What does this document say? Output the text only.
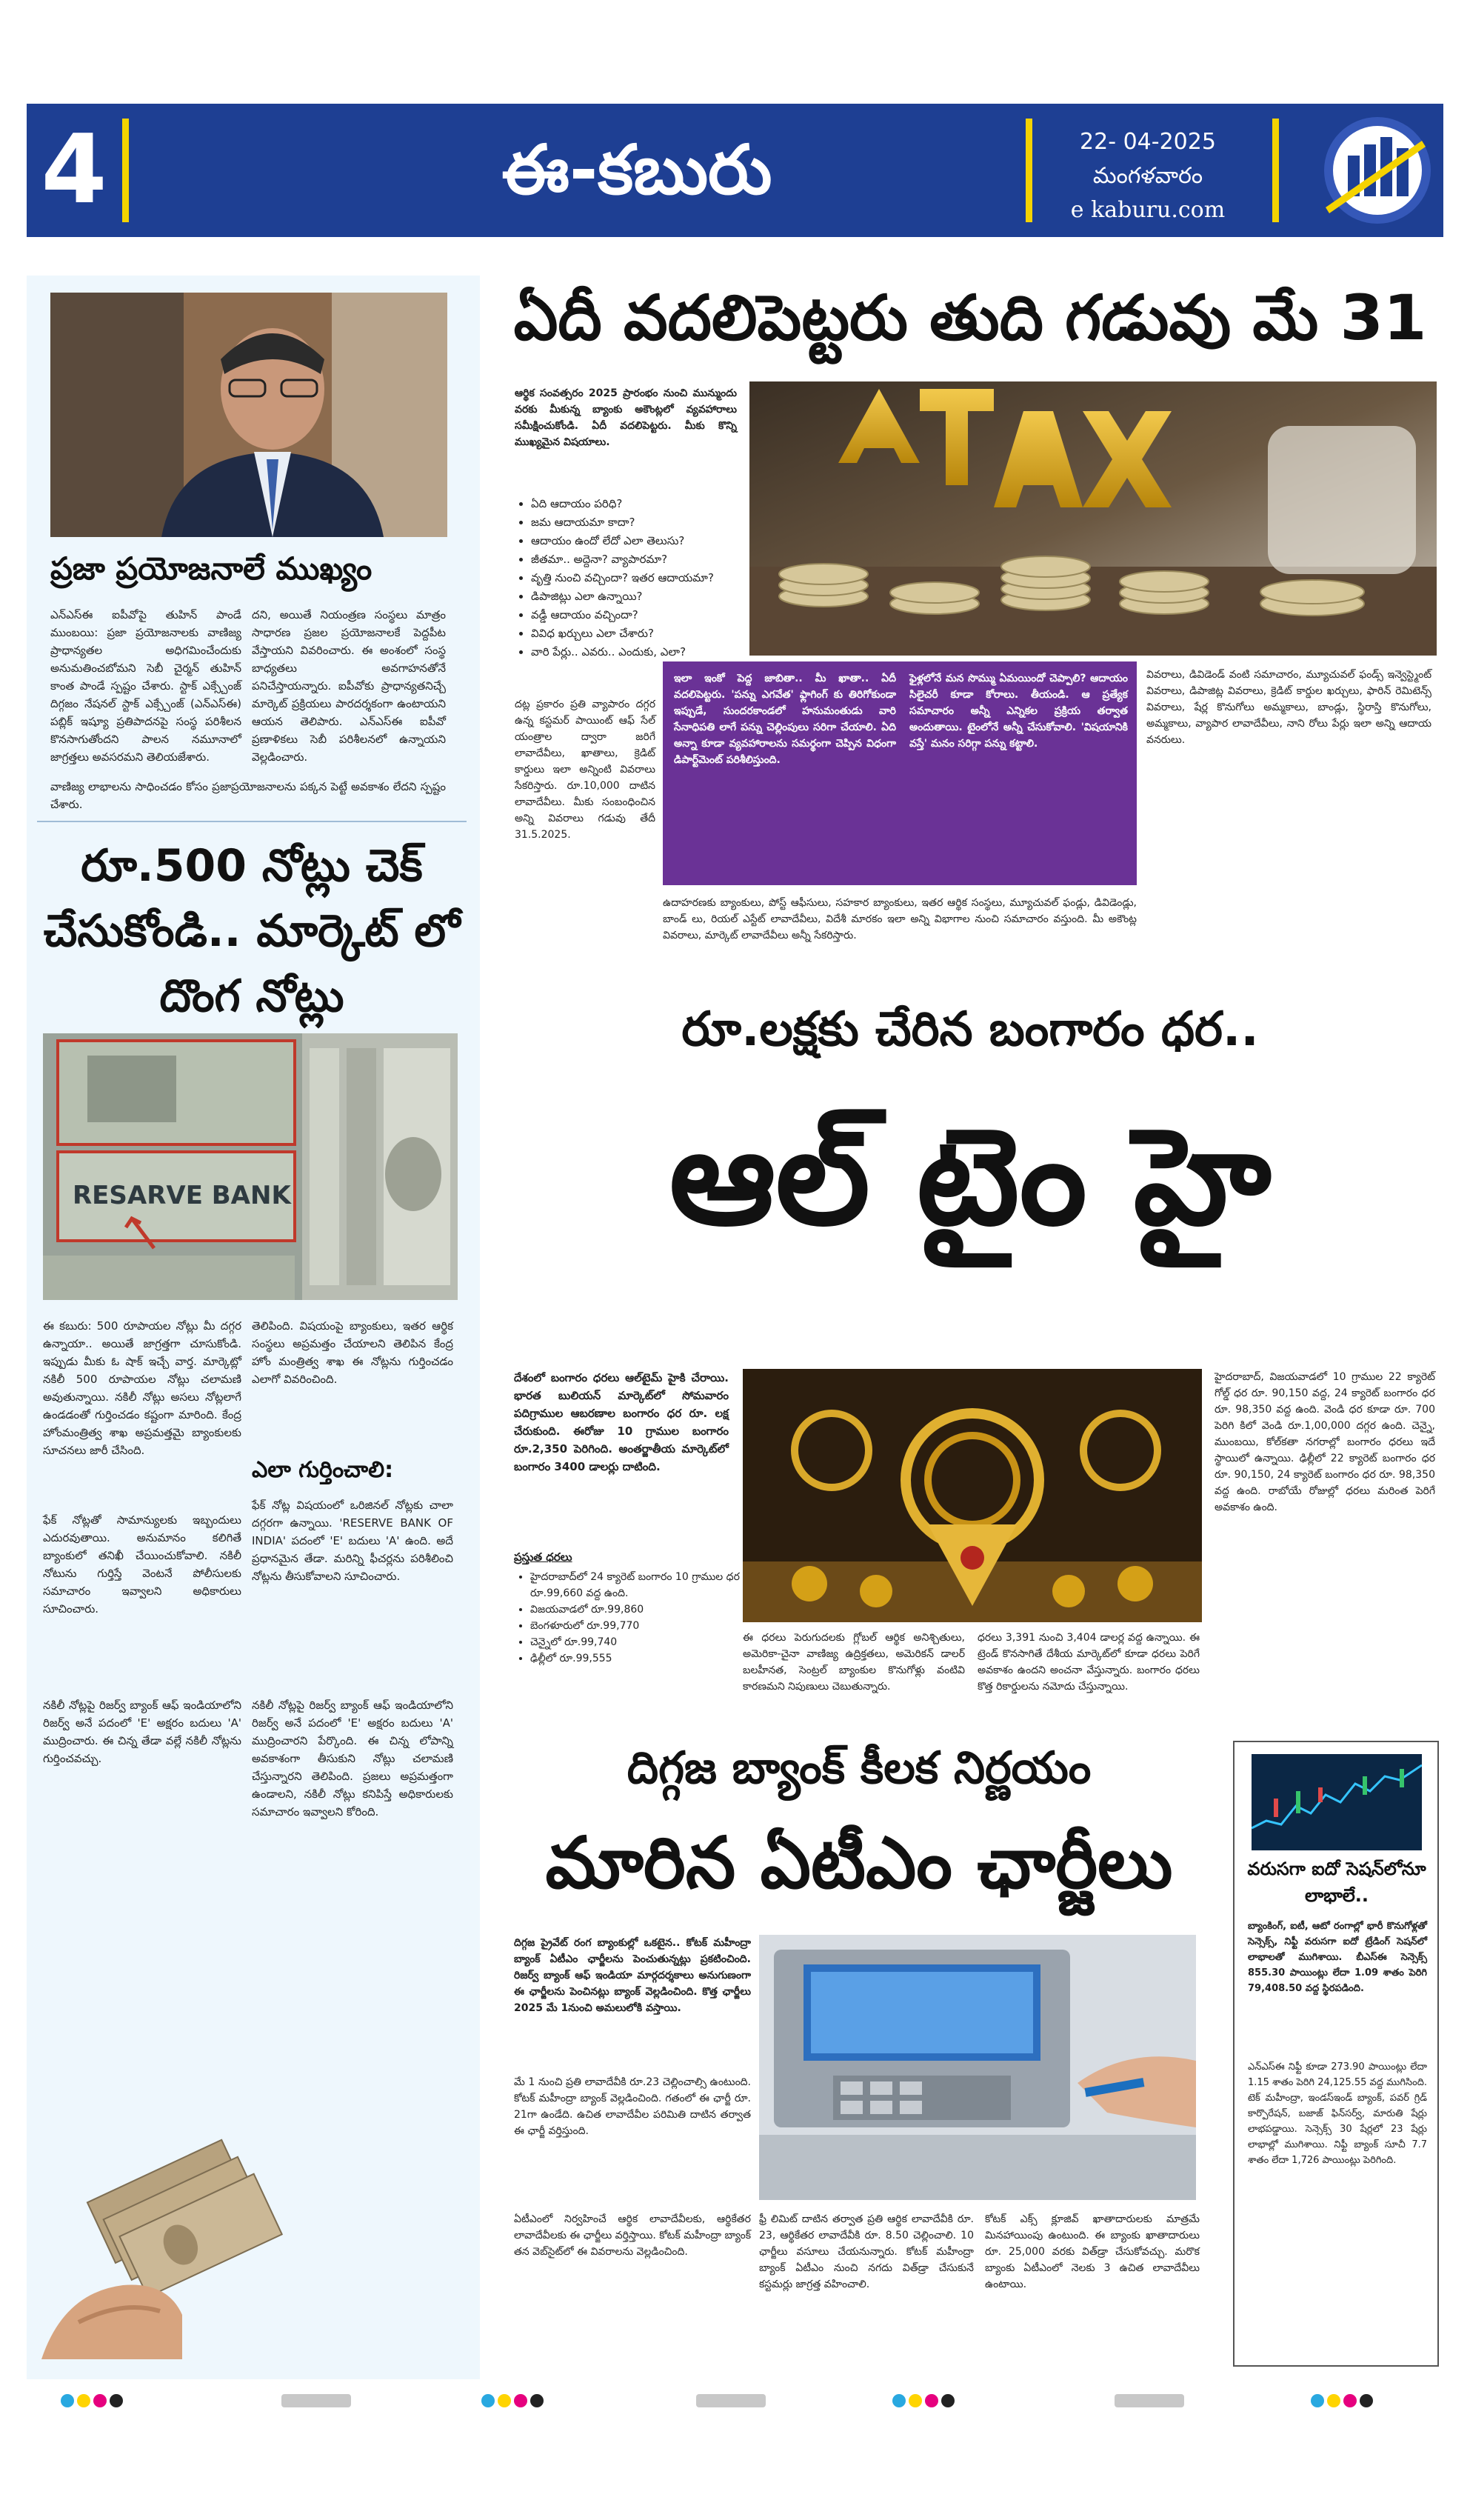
4	ఈ-కబురు	22- 04-2025
మంగళవారం
e kaburu.com
ప్రజా ప్రయోజనాలే ముఖ్యం
ఎన్ఎస్ఈ ఐపీవోపై తుహిన్ పాండే ముంబయి: ప్రజా ప్రయోజనాలకు వాణిజ్య ప్రాధాన్యతల అధిగమించేందుకు అనుమతించబోమని సెబీ చైర్మన్ తుహిన్ కాంత పాండే స్పష్టం చేశారు. స్టాక్ ఎక్స్చేంజ్ దిగ్గజం నేషనల్ స్టాక్ ఎక్స్చేంజ్ (ఎన్ఎస్ఈ) పబ్లిక్ ఇష్యూ ప్రతిపాదనపై సంస్థ పరిశీలన కొనసాగుతోందని పాలన నమూనాలో జాగ్రత్తలు అవసరమని తెలియజేశారు.
దని, అయితే నియంత్రణ సంస్థలు మాత్రం సాధారణ ప్రజల ప్రయోజనాలకే పెద్దపీట వేస్తాయని వివరించారు. ఈ అంశంలో సంస్థ బాధ్యతలు అవగాహనతోనే పనిచేస్తాయన్నారు. ఐపీవోకు ప్రాధాన్యతనిచ్చే మార్కెట్ ప్రక్రియలు పారదర్శకంగా ఉంటాయని ఆయన తెలిపారు. ఎన్ఎస్ఈ ఐపీవో ప్రణాళికలు సెబీ పరిశీలనలో ఉన్నాయని వెల్లడించారు.
వాణిజ్య లాభాలను సాధించడం కోసం ప్రజాప్రయోజనాలను పక్కన పెట్టే అవకాశం లేదని స్పష్టం చేశారు.
రూ.500 నోట్లు చెక్ చేసుకోండి.. మార్కెట్ లో దొంగ నోట్లు
RESARVE BANK
ఈ కబురు: 500 రూపాయల నోట్లు మీ దగ్గర ఉన్నాయా.. అయితే జాగ్రత్తగా చూసుకోండి. ఇప్పుడు మీకు ఓ షాక్ ఇచ్చే వార్త. మార్కెట్లో నకిలీ 500 రూపాయల నోట్లు చలామణి అవుతున్నాయి. నకిలీ నోట్లు అసలు నోట్లలాగే ఉండడంతో గుర్తించడం కష్టంగా మారింది. కేంద్ర హోంమంత్రిత్వ శాఖ అప్రమత్తమై బ్యాంకులకు సూచనలు జారీ చేసింది.
తెలిపింది. విషయంపై బ్యాంకులు, ఇతర ఆర్థిక సంస్థలు అప్రమత్తం చేయాలని తెలిపిన కేంద్ర హోం మంత్రిత్వ శాఖ ఈ నోట్లను గుర్తించడం ఎలాగో వివరించింది.
ఎలా గుర్తించాలి:
ఫేక్ నోట్ల విషయంలో ఒరిజినల్ నోట్లకు చాలా దగ్గరగా ఉన్నాయి. 'RESERVE BANK OF INDIA' పదంలో 'E' బదులు 'A' ఉంది. అదే ప్రధానమైన తేడా. మరిన్ని ఫీచర్లను పరిశీలించి నోట్లను తీసుకోవాలని సూచించారు.
ఫేక్ నోట్లతో సామాన్యులకు ఇబ్బందులు ఎదురవుతాయి. అనుమానం కలిగితే బ్యాంకులో తనిఖీ చేయించుకోవాలి. నకిలీ నోటును గుర్తిస్తే వెంటనే పోలీసులకు సమాచారం ఇవ్వాలని అధికారులు సూచించారు.
నకిలీ నోట్లపై రిజర్వ్ బ్యాంక్ ఆఫ్ ఇండియాలోని రిజర్వ్ అనే పదంలో 'E' అక్షరం బదులు 'A' ముద్రించారు. ఈ చిన్న తేడా వల్లే నకిలీ నోట్లను గుర్తించవచ్చు.
నకిలీ నోట్లపై రిజర్వ్ బ్యాంక్ ఆఫ్ ఇండియాలోని రిజర్వ్ అనే పదంలో 'E' అక్షరం బదులు 'A' ముద్రించారని పేర్కొంది. ఈ చిన్న లోపాన్ని అవకాశంగా తీసుకుని నోట్లు చలామణి చేస్తున్నారని తెలిపింది. ప్రజలు అప్రమత్తంగా ఉండాలని, నకిలీ నోట్లు కనిపిస్తే అధికారులకు సమాచారం ఇవ్వాలని కోరింది.
ఏదీ వదలిపెట్టరు తుది గడువు మే 31
ఆర్థిక సంవత్సరం 2025 ప్రారంభం నుంచి మున్ముందు వరకు మీకున్న బ్యాంకు అకౌంట్లలో వ్యవహారాలు సమీక్షించుకోండి. ఏదీ వదలిపెట్టరు. మీకు కొన్ని ముఖ్యమైన విషయాలు.
• ఏది ఆదాయం పరిధి?
• జమ ఆదాయమా కాదా?
• ఆదాయం ఉందో లేదో ఎలా తెలుసు?
• జీతమా.. అద్దెనా? వ్యాపారమా?
• వృత్తి నుంచి వచ్చిందా? ఇతర ఆదాయమా?
• డిపాజిట్లు ఎలా ఉన్నాయి?
• వడ్డీ ఆదాయం వచ్చిందా?
• వివిధ ఖర్చులు ఎలా చేశారు?
• వారి పేర్లు.. ఎవరు.. ఎందుకు, ఎలా?
ఇలా ఇంకో పెద్ద జాబితా.. మీ ఖాతా.. ఏదీ వదలిపెట్టరు. 'పన్ను ఎగవేత' ఫ్లాగింగ్ కు తిరిగోకుండా ఇప్పుడే, సుందరకాండలో హనుమంతుడు వారి సేనాధిపతి లాగే పన్ను చెల్లింపులు సరిగా చేయాలి. ఏది అన్నా కూడా వ్యవహారాలను సమర్థంగా చెప్పిన విధంగా డిపార్ట్‌మెంట్ పరిశీలిస్తుంది.
ఫైళ్లలోనే మన సొమ్ము ఏమయిందో చెప్పాలి? ఆదాయం సిలైచరీ కూడా కోరాలు. తీయండి. ఆ ప్రత్యేక సమాచారం అన్నీ ఎన్నికల ప్రక్రియ తర్వాత అందుతాయి. టైంలోనే అన్నీ చేసుకోవాలి. 'విషయానికి వస్తే' మనం సరిగ్గా పన్ను కట్టాలి.
దట్ల ప్రకారం ప్రతి వ్యాపారం దగ్గర ఉన్న కస్టమర్ పాయింట్ ఆఫ్ సేల్ యంత్రాల ద్వారా జరిగే లావాదేవీలు, ఖాతాలు, క్రెడిట్ కార్డులు ఇలా అన్నింటి వివరాలు సేకరిస్తారు. రూ.10,000 దాటిన లావాదేవీలు. మీకు సంబంధించిన అన్ని వివరాలు గడువు తేదీ 31.5.2025.
ఉదాహరణకు బ్యాంకులు, పోస్ట్ ఆఫీసులు, సహకార బ్యాంకులు, ఇతర ఆర్థిక సంస్థలు, మ్యూచువల్ ఫండ్లు, డివిడెండ్లు, బాండ్ లు, రియల్ ఎస్టేట్ లావాదేవీలు, విదేశీ మారకం ఇలా అన్ని విభాగాల నుంచి సమాచారం వస్తుంది. మీ అకౌంట్ల వివరాలు, మార్కెట్ లావాదేవీలు అన్నీ సేకరిస్తారు.
వివరాలు, డివిడెండ్ వంటి సమాచారం, మ్యూచువల్ ఫండ్స్ ఇన్వెస్ట్మెంట్ వివరాలు, డిపాజిట్ల వివరాలు, క్రెడిట్ కార్డుల ఖర్చులు, ఫారిన్ రెమిటెన్స్ వివరాలు, షేర్ల కొనుగోలు అమ్మకాలు, బాండ్లు, స్థిరాస్తి కొనుగోలు, అమ్మకాలు, వ్యాపార లావాదేవీలు, నాని రోలు పేర్లు ఇలా అన్ని ఆదాయ వనరులు.
రూ.లక్షకు చేరిన బంగారం ధర..
ఆల్ టైం హై
దేశంలో బంగారం ధరలు ఆల్‌టైమ్ హైకి చేరాయి. భారత బులియన్ మార్కెట్‌లో సోమవారం పదిగ్రాముల ఆబరణాల బంగారం ధర రూ. లక్ష చేరుకుంది. ఈరోజు 10 గ్రాముల బంగారం రూ.2,350 పెరిగింది. అంతర్జాతీయ మార్కెట్‌లో బంగారం 3400 డాలర్లు దాటింది.
ప్రస్తుత ధరలు
• హైదరాబాద్‌లో 24 క్యారెట్ బంగారం 10 గ్రాముల ధర రూ.99,660 వద్ద ఉంది.
• విజయవాడలో రూ.99,860
• బెంగళూరులో రూ.99,770
• చెన్నైలో రూ.99,740
• ఢిల్లీలో రూ.99,555
ఈ ధరలు పెరుగుదలకు గ్లోబల్ ఆర్థిక అనిశ్చితులు, అమెరికా-చైనా వాణిజ్య ఉద్రిక్తతలు, అమెరికన్ డాలర్ బలహీనత, సెంట్రల్ బ్యాంకుల కొనుగోళ్లు వంటివి కారణమని నిపుణులు చెబుతున్నారు.
ధరలు 3,391 నుంచి 3,404 డాలర్ల వద్ద ఉన్నాయి. ఈ ట్రెండ్ కొనసాగితే దేశీయ మార్కెట్‌లో కూడా ధరలు పెరిగే అవకాశం ఉందని అంచనా వేస్తున్నారు. బంగారం ధరలు కొత్త రికార్డులను నమోదు చేస్తున్నాయి.
హైదరాబాద్, విజయవాడలో 10 గ్రాముల 22 క్యారెట్ గోల్డ్ ధర రూ. 90,150 వద్ద, 24 క్యారెట్ బంగారం ధర రూ. 98,350 వద్ద ఉంది. వెండి ధర కూడా రూ. 700 పెరిగి కిలో వెండి రూ.1,00,000 దగ్గర ఉంది. చెన్నై, ముంబయి, కోల్‌కతా నగరాల్లో బంగారం ధరలు ఇదే స్థాయిలో ఉన్నాయి. ఢిల్లీలో 22 క్యారెట్ బంగారం ధర రూ. 90,150, 24 క్యారెట్ బంగారం ధర రూ. 98,350 వద్ద ఉంది. రాబోయే రోజుల్లో ధరలు మరింత పెరిగే అవకాశం ఉంది.
దిగ్గజ బ్యాంక్ కీలక నిర్ణయం
మారిన ఏటీఎం ఛార్జీలు
దిగ్గజ ప్రైవేట్ రంగ బ్యాంకుల్లో ఒకటైన.. కోటక్ మహీంద్రా బ్యాంక్ ఏటీఎం ఛార్జీలను పెంచుతున్నట్లు ప్రకటించింది. రిజర్వ్ బ్యాంక్ ఆఫ్ ఇండియా మార్గదర్శకాలు అనుగుణంగా ఈ ఛార్జీలను పెంచినట్లు బ్యాంక్ వెల్లడించింది. కొత్త ఛార్జీలు 2025 మే 1నుంచి అమలులోకి వస్తాయి.
మే 1 నుంచి ప్రతి లావాదేవీకి రూ.23 చెల్లించాల్సి ఉంటుంది. కోటక్ మహీంద్రా బ్యాంక్ వెల్లడించింది. గతంలో ఈ ఛార్జీ రూ. 21గా ఉండేది. ఉచిత లావాదేవీల పరిమితి దాటిన తర్వాత ఈ ఛార్జీ వర్తిస్తుంది.
ఏటీఎంలో నిర్వహించే ఆర్థిక లావాదేవీలకు, ఆర్థికేతర లావాదేవీలకు ఈ ఛార్జీలు వర్తిస్తాయి. కోటక్ మహీంద్రా బ్యాంక్ తన వెబ్‌సైట్‌లో ఈ వివరాలను వెల్లడించింది.
ఫ్రీ లిమిట్ దాటిన తర్వాత ప్రతి ఆర్థిక లావాదేవీకి రూ. 23, ఆర్థికేతర లావాదేవీకి రూ. 8.50 చెల్లించాలి. 10 ఛార్జీలు వసూలు చేయనున్నారు. కోటక్ మహీంద్రా బ్యాంక్ ఏటీఎం నుంచి నగదు విత్‌డ్రా చేసుకునే కస్టమర్లు జాగ్రత్త వహించాలి.
కోటక్ ఎక్స్ క్లూజివ్ ఖాతాదారులకు మాత్రమే మినహాయింపు ఉంటుంది. ఈ బ్యాంకు ఖాతాదారులు రూ. 25,000 వరకు విత్‌డ్రా చేసుకోవచ్చు. మరొక బ్యాంకు ఏటీఎంలో నెలకు 3 ఉచిత లావాదేవీలు ఉంటాయి.
వరుసగా ఐదో సెషన్‌లోనూ లాభాలే..
బ్యాంకింగ్, ఐటీ, ఆటో రంగాల్లో భారీ కొనుగోళ్లతో సెన్సెక్స్, నిఫ్టీ వరుసగా ఐదో ట్రేడింగ్ సెషన్‌లో లాభాలతో ముగిశాయి. బీఎస్ఈ సెన్సెక్స్ 855.30 పాయింట్లు లేదా 1.09 శాతం పెరిగి 79,408.50 వద్ద స్థిరపడింది.
ఎన్ఎస్ఈ నిఫ్టీ కూడా 273.90 పాయింట్లు లేదా 1.15 శాతం పెరిగి 24,125.55 వద్ద ముగిసింది. టెక్ మహీంద్రా, ఇండస్‌ఇండ్ బ్యాంక్, పవర్ గ్రిడ్ కార్పొరేషన్, బజాజ్ ఫిన్‌సర్వ్, మారుతి షేర్లు లాభపడ్డాయి. సెన్సెక్స్ 30 షేర్లలో 23 షేర్లు లాభాల్లో ముగిశాయి. నిఫ్టీ బ్యాంక్ సూచీ 7.7 శాతం లేదా 1,726 పాయింట్లు పెరిగింది.
